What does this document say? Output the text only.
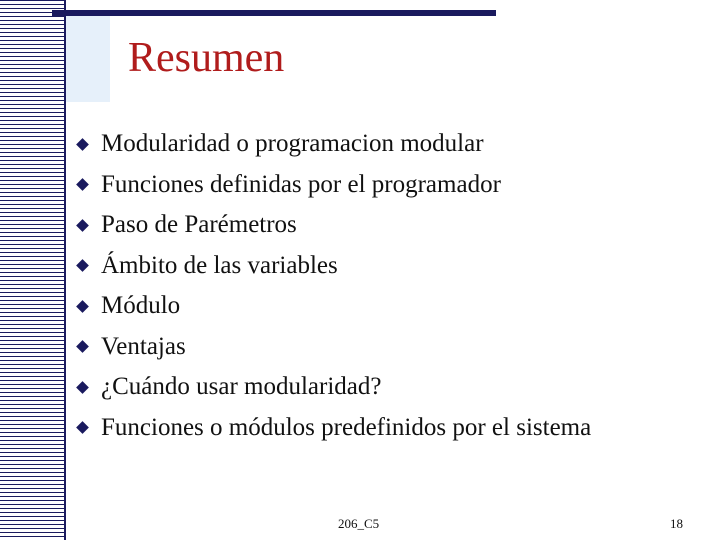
Resumen
Modularidad o programacion modular
Funciones definidas por el programador
Paso de Parémetros
Ámbito de las variables
Módulo
Ventajas
¿Cuándo usar modularidad?
Funciones o módulos predefinidos por el sistema
206_C5	18
